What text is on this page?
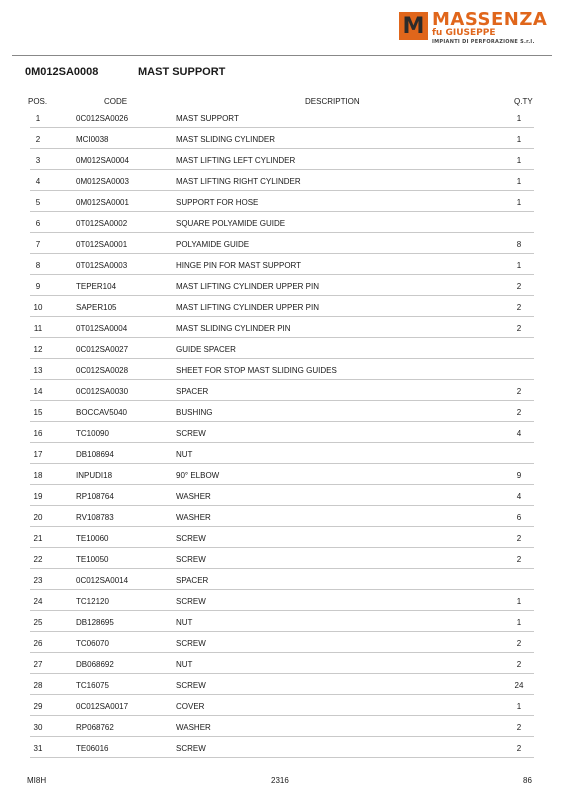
M MASSENZA
fu GIUSEPPE
IMPIANTI DI PERFORAZIONE S.r.l.
0M012SA0008	MAST SUPPORT
POS.	CODE	DESCRIPTION	Q.TY
1	0C012SA0026	MAST SUPPORT	1
2	MCI0038	MAST SLIDING CYLINDER	1
3	0M012SA0004	MAST LIFTING LEFT CYLINDER	1
4	0M012SA0003	MAST LIFTING RIGHT CYLINDER	1
5	0M012SA0001	SUPPORT FOR HOSE	1
6	0T012SA0002	SQUARE POLYAMIDE GUIDE
7	0T012SA0001	POLYAMIDE GUIDE	8
8	0T012SA0003	HINGE PIN FOR MAST SUPPORT	1
9	TEPER104	MAST LIFTING CYLINDER UPPER PIN	2
10	SAPER105	MAST LIFTING CYLINDER UPPER PIN	2
11	0T012SA0004	MAST SLIDING CYLINDER PIN	2
12	0C012SA0027	GUIDE SPACER
13	0C012SA0028	SHEET FOR STOP MAST SLIDING GUIDES
14	0C012SA0030	SPACER	2
15	BOCCAV5040	BUSHING	2
16	TC10090	SCREW	4
17	DB108694	NUT
18	INPUDI18	90° ELBOW	9
19	RP108764	WASHER	4
20	RV108783	WASHER	6
21	TE10060	SCREW	2
22	TE10050	SCREW	2
23	0C012SA0014	SPACER
24	TC12120	SCREW	1
25	DB128695	NUT	1
26	TC06070	SCREW	2
27	DB068692	NUT	2
28	TC16075	SCREW	24
29	0C012SA0017	COVER	1
30	RP068762	WASHER	2
31	TE06016	SCREW	2
MI8H	2316	86
